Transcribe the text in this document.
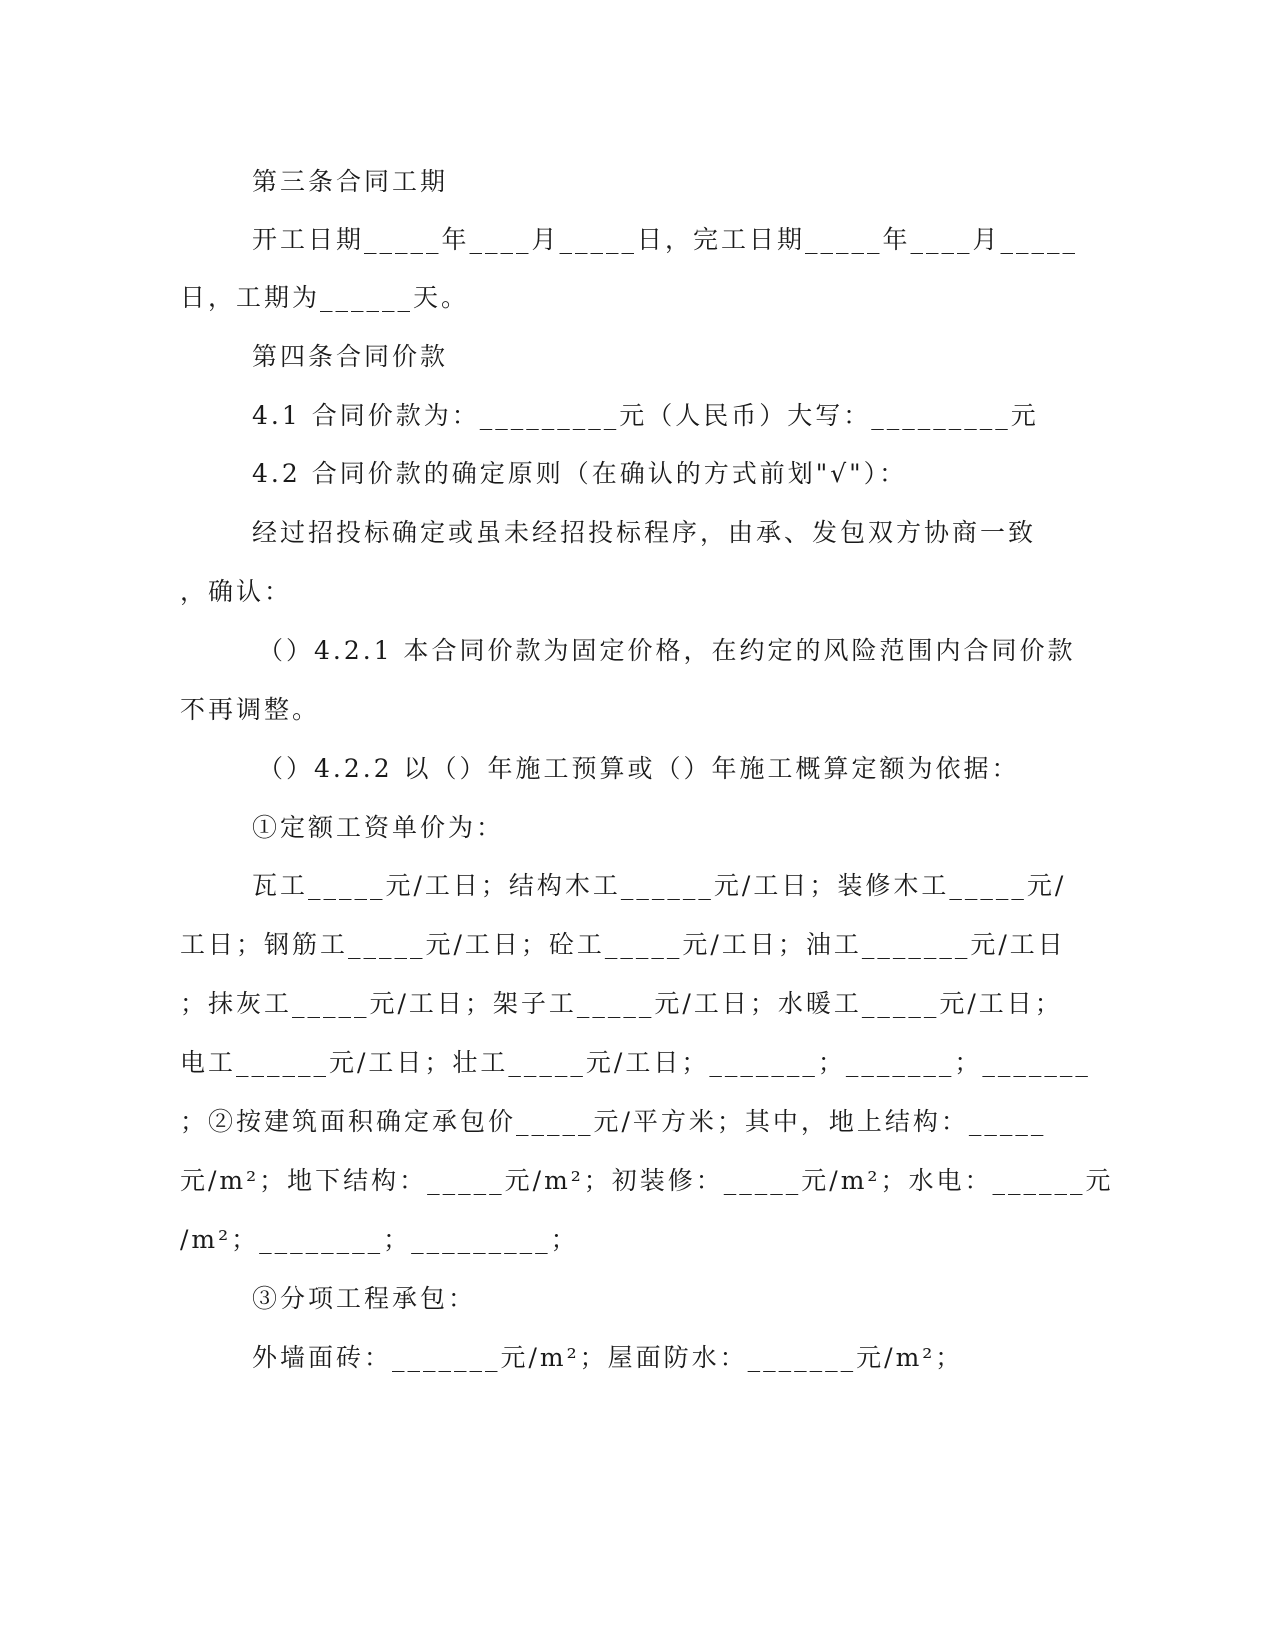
第三条合同工期
开工日期_____年____月_____日，完工日期_____年____月_____
日，工期为______天。
第四条合同价款
4.1 合同价款为：_________元（人民币）大写：_________元
4.2 合同价款的确定原则（在确认的方式前划"√"）：
经过招投标确定或虽未经招投标程序，由承、发包双方协商一致
，确认：
（）4.2.1 本合同价款为固定价格，在约定的风险范围内合同价款
不再调整。
（）4.2.2 以（）年施工预算或（）年施工概算定额为依据：
①定额工资单价为：
瓦工_____元/工日；结构木工______元/工日；装修木工_____元/
工日；钢筋工_____元/工日；砼工_____元/工日；油工_______元/工日
；抹灰工_____元/工日；架子工_____元/工日；水暖工_____元/工日；
电工______元/工日；壮工_____元/工日；_______；_______；_______
；②按建筑面积确定承包价_____元/平方米；其中，地上结构：_____
元/m²；地下结构：_____元/m²；初装修：_____元/m²；水电：______元
/m²；________；_________；
③分项工程承包：
外墙面砖：_______元/m²；屋面防水：_______元/m²；
